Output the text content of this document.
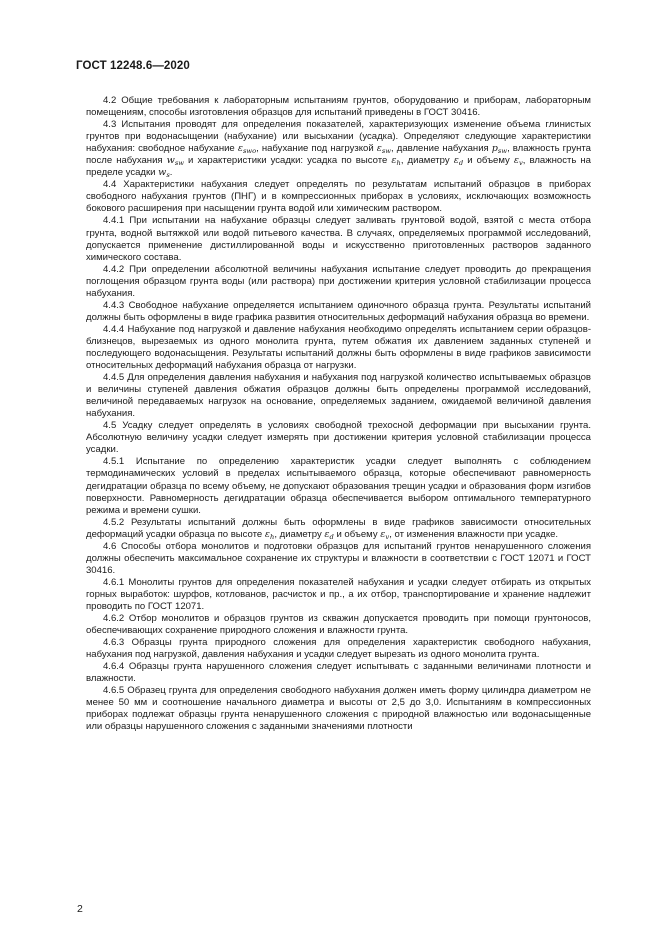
ГОСТ 12248.6—2020

4.2 Общие требования к лабораторным испытаниям грунтов, оборудованию и приборам, лабораторным помещениям, способы изготовления образцов для испытаний приведены в ГОСТ 30416.

4.3 Испытания проводят для определения показателей, характеризующих изменение объема глинистых грунтов при водонасыщении (набухание) или высыхании (усадка). Определяют следующие характеристики набухания: свободное набухание $\varepsilon_{swo}$, набухание под нагрузкой $\varepsilon_{sw}$, давление набухания $p_{sw}$, влажность грунта после набухания $w_{sw}$ и характеристики усадки: усадка по высоте $\varepsilon_h$, диаметру $\varepsilon_d$ и объему $\varepsilon_v$, влажность на пределе усадки $w_s$.

4.4 Характеристики набухания следует определять по результатам испытаний образцов в приборах свободного набухания грунтов (ПНГ) и в компрессионных приборах в условиях, исключающих возможность бокового расширения при насыщении грунта водой или химическим раствором.

4.4.1 При испытании на набухание образцы следует заливать грунтовой водой, взятой с места отбора грунта, водной вытяжкой или водой питьевого качества. В случаях, определяемых программой исследований, допускается применение дистиллированной воды и искусственно приготовленных растворов заданного химического состава.

4.4.2 При определении абсолютной величины набухания испытание следует проводить до прекращения поглощения образцом грунта воды (или раствора) при достижении критерия условной стабилизации процесса набухания.

4.4.3 Свободное набухание определяется испытанием одиночного образца грунта. Результаты испытаний должны быть оформлены в виде графика развития относительных деформаций набухания образца во времени.

4.4.4 Набухание под нагрузкой и давление набухания необходимо определять испытанием серии образцов-близнецов, вырезаемых из одного монолита грунта, путем обжатия их давлением заданных ступеней и последующего водонасыщения. Результаты испытаний должны быть оформлены в виде графиков зависимости относительных деформаций набухания образца от нагрузки.

4.4.5 Для определения давления набухания и набухания под нагрузкой количество испытываемых образцов и величины ступеней давления обжатия образцов должны быть определены программой исследований, величиной передаваемых нагрузок на основание, определяемых заданием, ожидаемой величиной давления набухания.

4.5 Усадку следует определять в условиях свободной трехосной деформации при высыхании грунта. Абсолютную величину усадки следует измерять при достижении критерия условной стабилизации процесса усадки.

4.5.1 Испытание по определению характеристик усадки следует выполнять с соблюдением термодинамических условий в пределах испытываемого образца, которые обеспечивают равномерность дегидратации образца по всему объему, не допускают образования трещин усадки и образования форм изгибов поверхности. Равномерность дегидратации образца обеспечивается выбором оптимального температурного режима и времени сушки.

4.5.2 Результаты испытаний должны быть оформлены в виде графиков зависимости относительных деформаций усадки образца по высоте $\varepsilon_h$, диаметру $\varepsilon_d$ и объему $\varepsilon_v$, от изменения влажности при усадке.

4.6 Способы отбора монолитов и подготовки образцов для испытаний грунтов ненарушенного сложения должны обеспечить максимальное сохранение их структуры и влажности в соответствии с ГОСТ 12071 и ГОСТ 30416.

4.6.1 Монолиты грунтов для определения показателей набухания и усадки следует отбирать из открытых горных выработок: шурфов, котлованов, расчисток и пр., а их отбор, транспортирование и хранение надлежит проводить по ГОСТ 12071.

4.6.2 Отбор монолитов и образцов грунтов из скважин допускается проводить при помощи грунтоносов, обеспечивающих сохранение природного сложения и влажности грунта.

4.6.3 Образцы грунта природного сложения для определения характеристик свободного набухания, набухания под нагрузкой, давления набухания и усадки следует вырезать из одного монолита грунта.

4.6.4 Образцы грунта нарушенного сложения следует испытывать с заданными величинами плотности и влажности.

4.6.5 Образец грунта для определения свободного набухания должен иметь форму цилиндра диаметром не менее 50 мм и соотношение начального диаметра и высоты от 2,5 до 3,0. Испытаниям в компрессионных приборах подлежат образцы грунта ненарушенного сложения с природной влажностью или водонасыщенные или образцы нарушенного сложения с заданными значениями плотности

2
